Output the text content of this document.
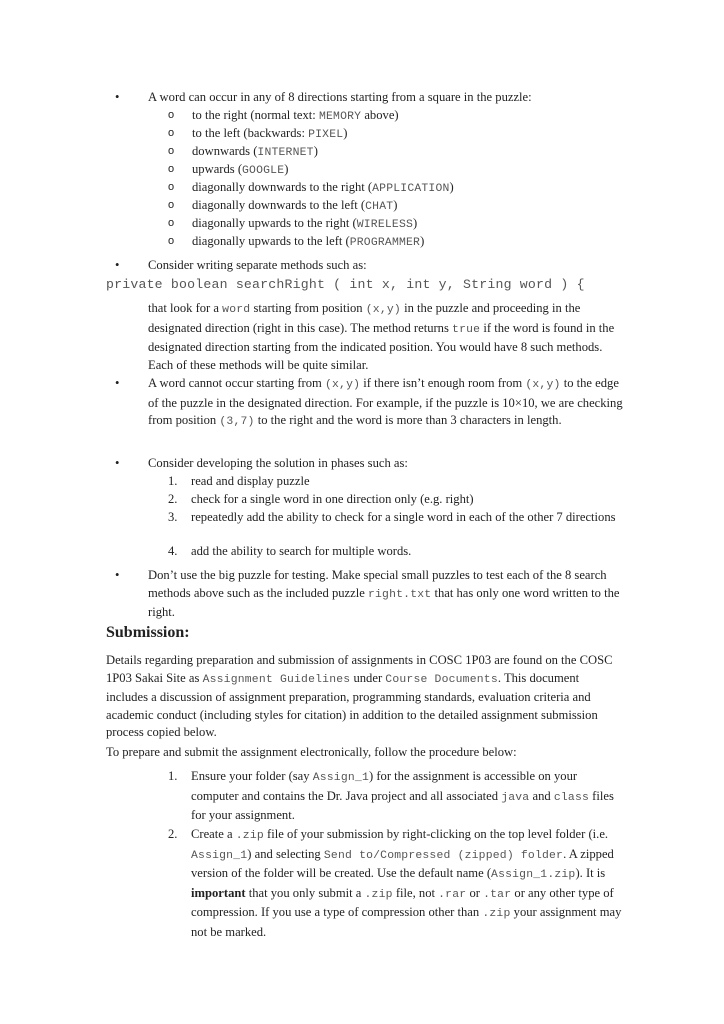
•	A word can occur in any of 8 directions starting from a square in the puzzle:
o to the right (normal text: MEMORY above)
o to the left (backwards: PIXEL)
o downwards (INTERNET)
o upwards (GOOGLE)
o diagonally downwards to the right (APPLICATION)
o diagonally downwards to the left (CHAT)
o diagonally upwards to the right (WIRELESS)
o diagonally upwards to the left (PROGRAMMER)
•	Consider writing separate methods such as:
private boolean searchRight ( int x, int y, String word ) {
that look for a word starting from position (x,y) in the puzzle and proceeding in the designated direction (right in this case). The method returns true if the word is found in the designated direction starting from the indicated position. You would have 8 such methods. Each of these methods will be quite similar.
•	A word cannot occur starting from (x,y) if there isn’t enough room from (x,y) to the edge of the puzzle in the designated direction. For example, if the puzzle is 10×10, we are checking from position (3,7) to the right and the word is more than 3 characters in length.
•	Consider developing the solution in phases such as:
1.	read and display puzzle
2.	check for a single word in one direction only (e.g. right)
3.	repeatedly add the ability to check for a single word in each of the other 7 directions
4.	add the ability to search for multiple words.
•	Don’t use the big puzzle for testing. Make special small puzzles to test each of the 8 search methods above such as the included puzzle right.txt that has only one word written to the right.
Submission:
Details regarding preparation and submission of assignments in COSC 1P03 are found on the COSC 1P03 Sakai Site as Assignment Guidelines under Course Documents. This document includes a discussion of assignment preparation, programming standards, evaluation criteria and academic conduct (including styles for citation) in addition to the detailed assignment submission process copied below.
To prepare and submit the assignment electronically, follow the procedure below:
1.	Ensure your folder (say Assign_1) for the assignment is accessible on your computer and contains the Dr. Java project and all associated java and class files for your assignment.
2.	Create a .zip file of your submission by right-clicking on the top level folder (i.e. Assign_1) and selecting Send to/Compressed (zipped) folder. A zipped version of the folder will be created. Use the default name (Assign_1.zip). It is important that you only submit a .zip file, not .rar or .tar or any other type of compression. If you use a type of compression other than .zip your assignment may not be marked.
